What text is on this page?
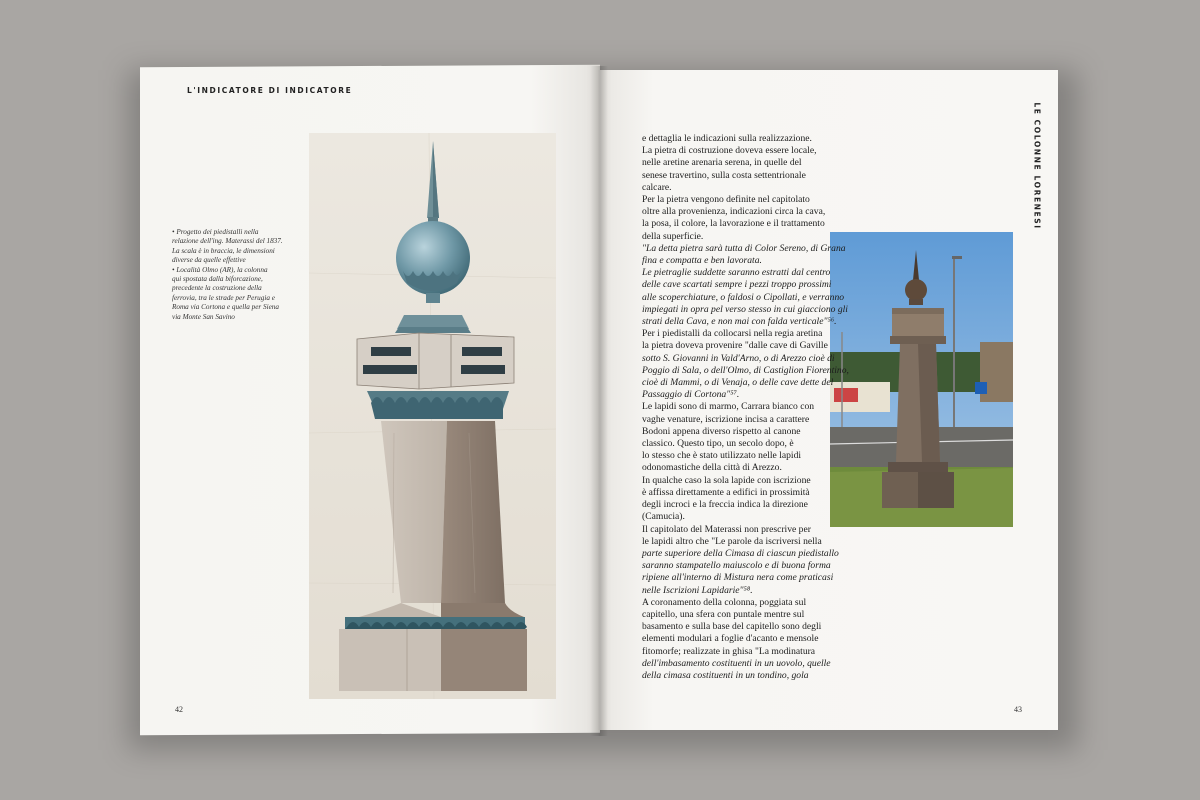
L'INDICATORE DI INDICATORE

• Progetto dei piedistalli nella

relazione dell'ing. Materassi del 1837.

La scala è in braccia, le dimensioni

diverse da quelle effettive

• Località Olmo (AR), la colonna

qui spostata dalla biforcazione,

precedente la costruzione della

ferrovia, tra le strade per Perugia e

Roma via Cortona e quella per Siena

via Monte San Savino

LE COLONNE LORENESI
e dettaglia le indicazioni sulla realizzazione.
La pietra di costruzione doveva essere locale,
nelle aretine arenaria serena, in quelle del
senese travertino, sulla costa settentrionale
calcare.
Per la pietra vengono definite nel capitolato
oltre alla provenienza, indicazioni circa la cava,
la posa, il colore, la lavorazione e il trattamento
della superficie.
"La detta pietra sarà tutta di Color Sereno, di Grana
fina e compatta e ben lavorata.
Le pietraglie suddette saranno estratti dal centro
delle cave scartati sempre i pezzi troppo prossimi
alle scoperchiature, o faldosi o Cipollati, e verranno
impiegati in opra pel verso stesso in cui giacciono gli
strati della Cava, e non mai con falda verticale"⁵⁶.
Per i piedistalli da collocarsi nella regia aretina
la pietra doveva provenire "dalle cave di Gaville
sotto S. Giovanni in Vald'Arno, o di Arezzo cioè di
Poggio di Sala, o dell'Olmo, di Castiglion Fiorentino,
cioè di Mammi, o di Venaja, o delle cave dette del
Passaggio di Cortona"⁵⁷.
Le lapidi sono di marmo, Carrara bianco con
vaghe venature, iscrizione incisa a carattere
Bodoni appena diverso rispetto al canone
classico. Questo tipo, un secolo dopo, è
lo stesso che è stato utilizzato nelle lapidi
odonomastiche della città di Arezzo.
In qualche caso la sola lapide con iscrizione
è affissa direttamente a edifici in prossimità
degli incroci e la freccia indica la direzione
(Camucia).
Il capitolato del Materassi non prescrive per
le lapidi altro che "Le parole da iscriversi nella
parte superiore della Cimasa di ciascun piedistallo
saranno stampatello maiuscolo e di buona forma
ripiene all'interno di Mistura nera come praticasi
nelle Iscrizioni Lapidarie"⁵⁸.
A coronamento della colonna, poggiata sul
capitello, una sfera con puntale mentre sul
basamento e sulla base del capitello sono degli
elementi modulari a foglie d'acanto e mensole
fitomorfe; realizzate in ghisa "La modinatura
dell'imbasamento costituenti in un uovolo, quelle
della cimasa costituenti in un tondino, gola
42	43
